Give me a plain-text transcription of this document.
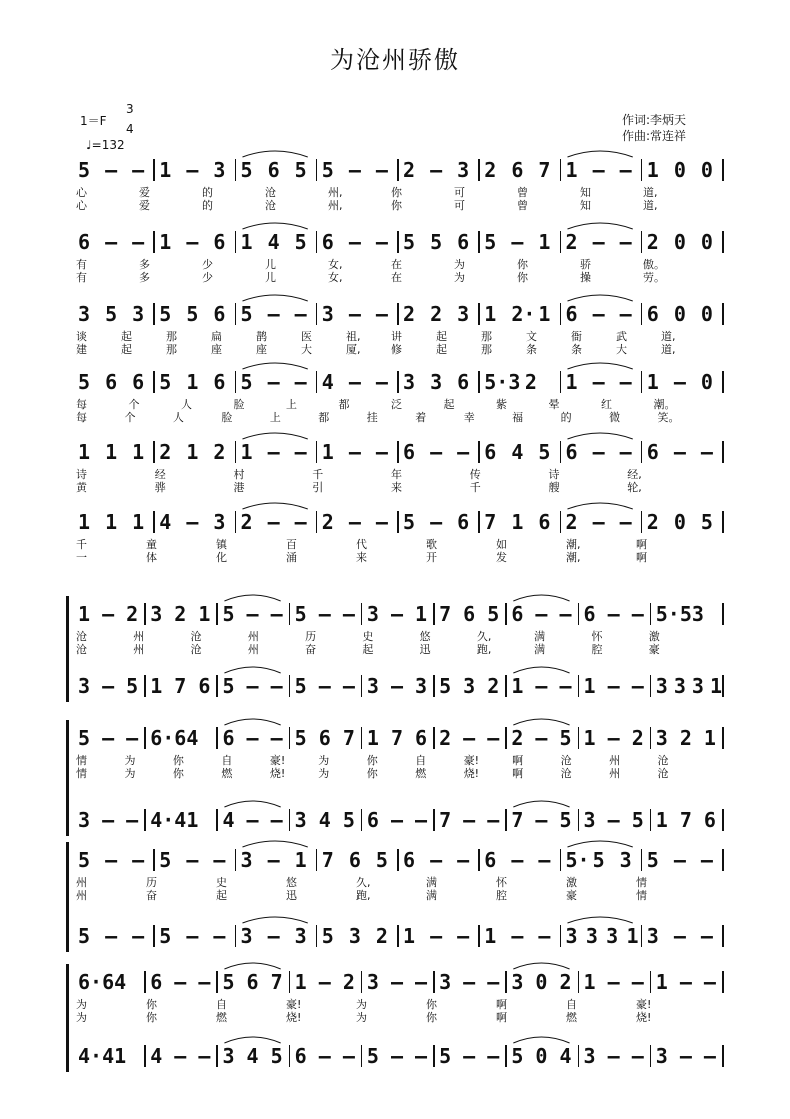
为沧州骄傲
1＝F
3
4
♩=132
作词:李炳天
作曲:常连祥
5 – – 1 – 3 5 6 5 5 – – 2 – 3 2 6 7 1 – – 1 0 0
心	爱	的	沧	州,	你	可	曾	知	道,
心	爱	的	沧	州,	你	可	曾	知	道,
6 – – 1 – 6 1 4 5 6 – – 5 5 6 5 – 1 2 – – 2 0 0
有	多	少	儿	女,	在	为	你	骄	傲。
有	多	少	儿	女,	在	为	你	操	劳。
3 5 3 5 5 6 5 – – 3 – – 2 2 3 1 2· 1 6 – – 6 0 0
谈	起	那	扁	鹊	医	祖,	讲	起	那	文	衙	武	道,
建	起	那	座	座	大	厦,	修	起	那	条	条	大	道,
5 6 6 5 1 6 5 – – 4 – – 3 3 6 5·3 2 1 – – 1 – 0
每	个	人	脸	上	都	泛	起	紫	晕	红	潮。
每	个	人	脸	上	都	挂	着	幸	福	的	微	笑。
1 1 1 2 1 2 1 – – 1 – – 6 – – 6 4 5 6 – – 6 – –
诗	经	村	千	年	传	诗	经,
黄	骅	港	引	来	千	艘	轮,
1 1 1 4 – 3 2 – – 2 – – 5 – 6 7 1 6 2 – – 2 0 5
千	童	镇	百	代	歌	如	潮,	啊
一	体	化	涌	来	开	发	潮,	啊
1 – 2 3 2 1 5 – – 5 – – 3 – 1 7 6 5 6 – – 6 – – 5·5 3
沧	州	沧	州	历	史	悠	久,	满	怀	激
沧	州	沧	州	奋	起	迅	跑,	满	腔	豪
3 – 5 1 7 6 5 – – 5 – – 3 – 3 5 3 2 1 – – 1 – – 3 3 3 1
5 – – 6·6 4 6 – – 5 6 7 1 7 6 2 – – 2 – 5 1 – 2 3 2 1
情	为	你	自	豪!	为	你	自	豪!	啊	沧	州	沧
情	为	你	燃	烧!	为	你	燃	烧!	啊	沧	州	沧
3 – – 4·4 1 4 – – 3 4 5 6 – – 7 – – 7 – 5 3 – 5 1 7 6
5 – – 5 – – 3 – 1 7 6 5 6 – – 6 – – 5· 5 3 5 – –
州	历	史	悠	久,	满	怀	激	情
州	奋	起	迅	跑,	满	腔	豪	情
5 – – 5 – – 3 – 3 5 3 2 1 – – 1 – – 3 3 3 1 3 – –
6·6 4 6 – – 5 6 7 1 – 2 3 – – 3 – – 3 0 2 1 – – 1 – –
为	你	自	豪!	为	你	啊	自	豪!
为	你	燃	烧!	为	你	啊	燃	烧!
4·4 1 4 – – 3 4 5 6 – – 5 – – 5 – – 5 0 4 3 – – 3 – –
